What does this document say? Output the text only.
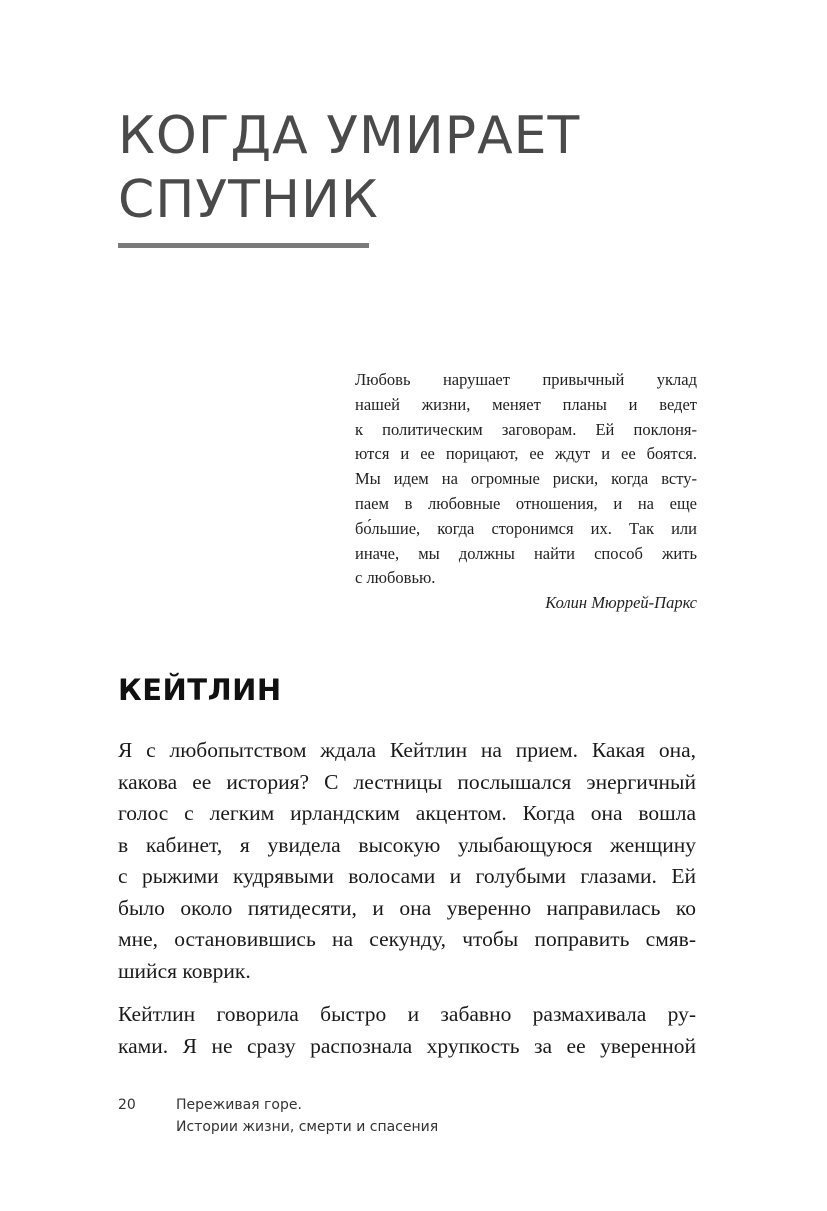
КОГДА УМИРАЕТ
СПУТНИК
Любовь нарушает привычный уклад
нашей жизни, меняет планы и ведет
к политическим заговорам. Ей поклоня-
ются и ее порицают, ее ждут и ее боятся.
Мы идем на огромные риски, когда всту-
паем в любовные отношения, и на еще
бо́льшие, когда сторонимся их. Так или
иначе, мы должны найти способ жить
с любовью.
Колин Мюррей-Паркс
КЕЙТЛИН

Я с любопытством ждала Кейтлин на прием. Какая она,
какова ее история? С лестницы послышался энергичный
голос с легким ирландским акцентом. Когда она вошла
в кабинет, я увидела высокую улыбающуюся женщину
с рыжими кудрявыми волосами и голубыми глазами. Ей
было около пятидесяти, и она уверенно направилась ко
мне, остановившись на секунду, чтобы поправить смяв-
шийся коврик.

Кейтлин говорила быстро и забавно размахивала ру-
ками. Я не сразу распознала хрупкость за ее уверенной

20	Переживая горе.
Истории жизни, смерти и спасения
